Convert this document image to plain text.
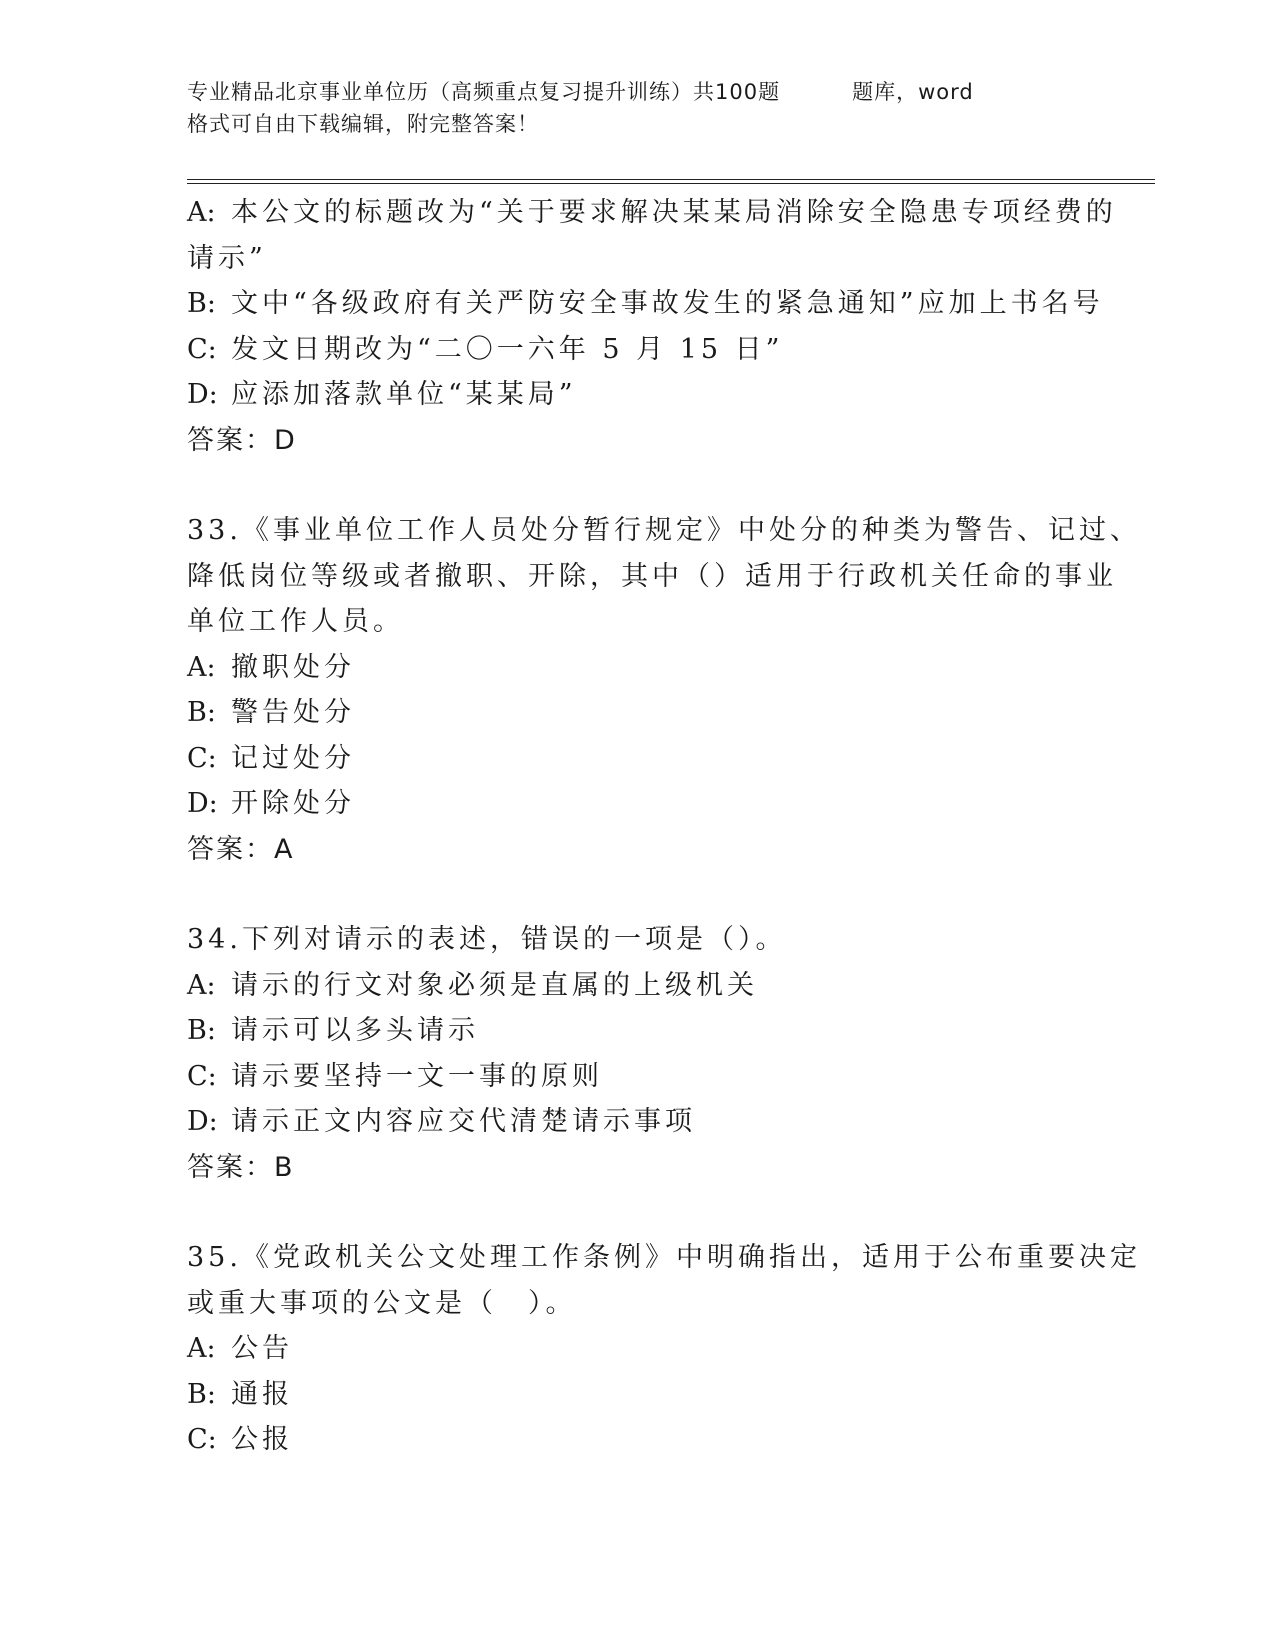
专业精品北京事业单位历（高频重点复习提升训练）共100题	题库，word
格式可自由下载编辑，附完整答案！
A: 本公文的标题改为“关于要求解决某某局消除安全隐患专项经费的
请示”
B: 文中“各级政府有关严防安全事故发生的紧急通知”应加上书名号
C: 发文日期改为“二〇一六年 5 月 15 日”
D: 应添加落款单位“某某局”
答案：D
33.《事业单位工作人员处分暂行规定》中处分的种类为警告、记过、
降低岗位等级或者撤职、开除，其中（）适用于行政机关任命的事业
单位工作人员。
A: 撤职处分
B: 警告处分
C: 记过处分
D: 开除处分
答案：A
34.下列对请示的表述，错误的一项是（）。
A: 请示的行文对象必须是直属的上级机关
B: 请示可以多头请示
C: 请示要坚持一文一事的原则
D: 请示正文内容应交代清楚请示事项
答案：B
35.《党政机关公文处理工作条例》中明确指出，适用于公布重要决定
或重大事项的公文是（　）。
A: 公告
B: 通报
C: 公报
